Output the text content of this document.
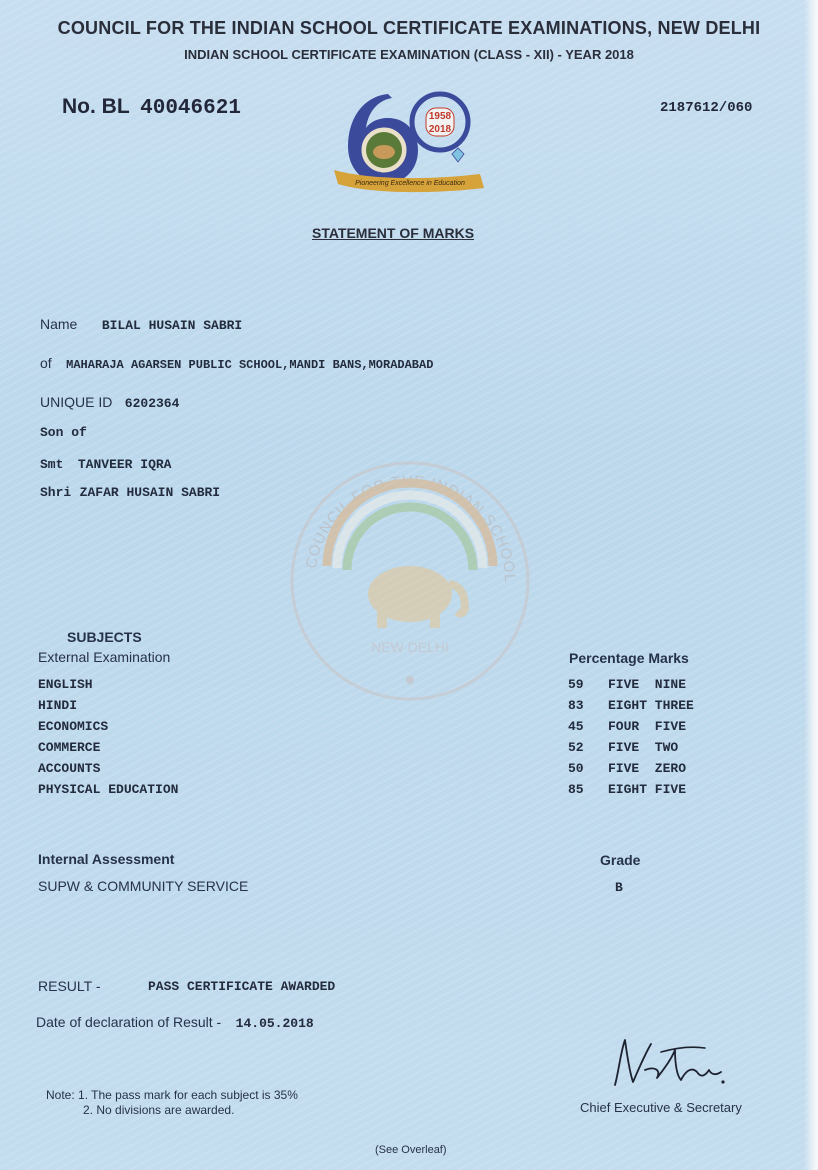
COUNCIL FOR THE INDIAN SCHOOL CERTIFICATE EXAMINATIONS, NEW DELHI
INDIAN SCHOOL CERTIFICATE EXAMINATION (CLASS - XII) - YEAR 2018
No. BL 40046621	2187612/060
1958
2018
Pioneering Excellence in Education
STATEMENT OF MARKS
COUNCIL FOR THE INDIAN SCHOOL
NEW DELHI
Name BILAL HUSAIN SABRI
of MAHARAJA AGARSEN PUBLIC SCHOOL,MANDI BANS,MORADABAD
UNIQUE ID 6202364
Son of
Smt TANVEER IQRA
Shri ZAFAR HUSAIN SABRI
SUBJECTS
External Examination	Percentage Marks
ENGLISH	59 FIVE  NINE
HINDI	83 EIGHT THREE
ECONOMICS	45 FOUR  FIVE
COMMERCE	52 FIVE  TWO
ACCOUNTS	50 FIVE  ZERO
PHYSICAL EDUCATION	85 EIGHT FIVE
Internal Assessment	Grade
SUPW & COMMUNITY SERVICE	B
RESULT -	PASS CERTIFICATE AWARDED
Date of declaration of Result - 14.05.2018
Chief Executive & Secretary
Note: 1. The pass mark for each subject is 35%
2. No divisions are awarded.
(See Overleaf)
